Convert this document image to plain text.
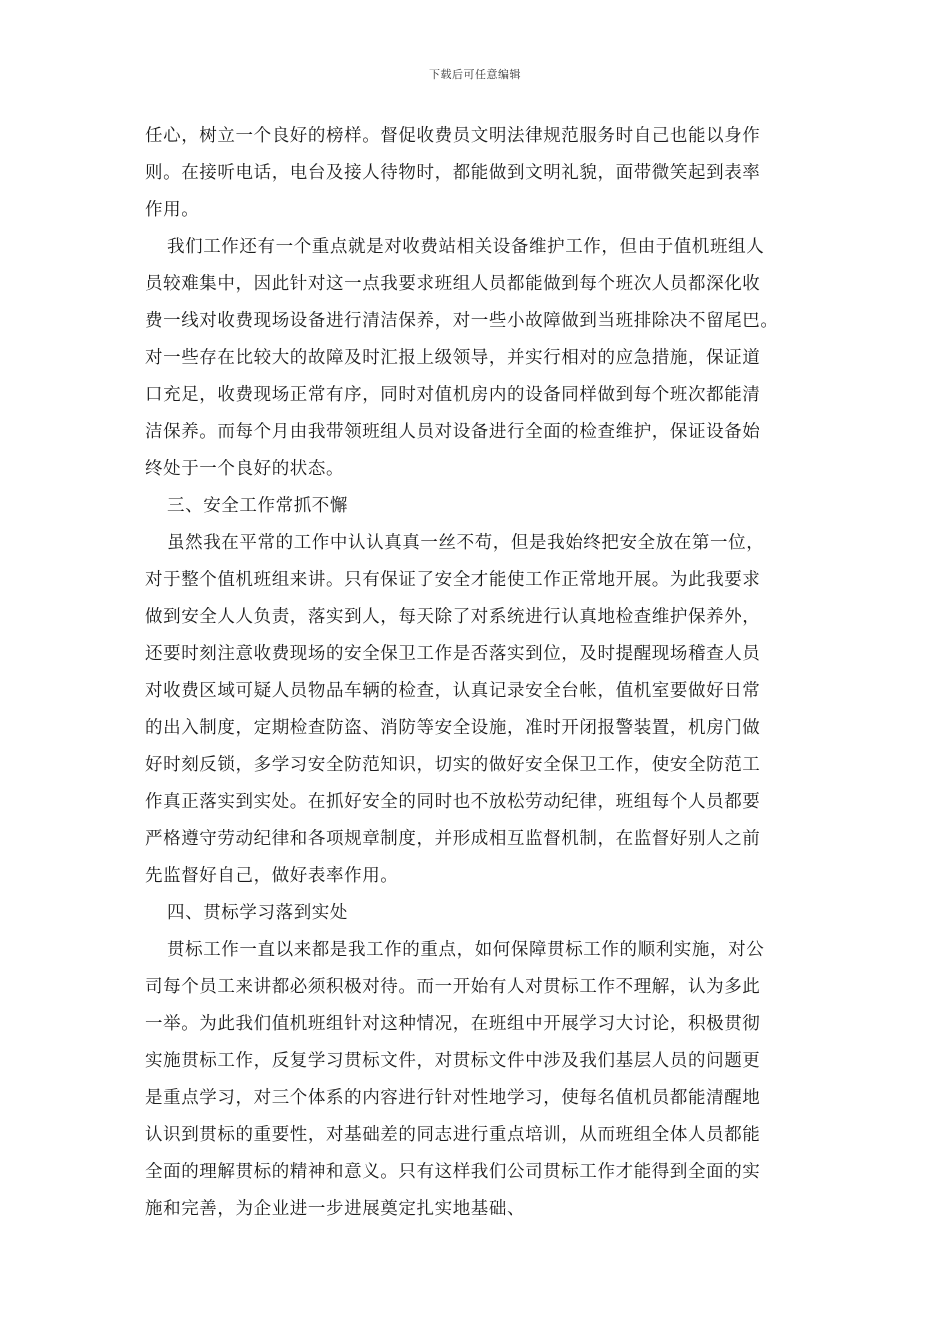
下载后可任意编辑
任心，树立一个良好的榜样。督促收费员文明法律规范服务时自己也能以身作
则。在接听电话，电台及接人待物时，都能做到文明礼貌，面带微笑起到表率
作用。
我们工作还有一个重点就是对收费站相关设备维护工作，但由于值机班组人
员较难集中，因此针对这一点我要求班组人员都能做到每个班次人员都深化收
费一线对收费现场设备进行清洁保养，对一些小故障做到当班排除决不留尾巴。
对一些存在比较大的故障及时汇报上级领导，并实行相对的应急措施，保证道
口充足，收费现场正常有序，同时对值机房内的设备同样做到每个班次都能清
洁保养。而每个月由我带领班组人员对设备进行全面的检查维护，保证设备始
终处于一个良好的状态。
三、安全工作常抓不懈
虽然我在平常的工作中认认真真一丝不苟，但是我始终把安全放在第一位，
对于整个值机班组来讲。只有保证了安全才能使工作正常地开展。为此我要求
做到安全人人负责，落实到人，每天除了对系统进行认真地检查维护保养外，
还要时刻注意收费现场的安全保卫工作是否落实到位，及时提醒现场稽查人员
对收费区域可疑人员物品车辆的检查，认真记录安全台帐，值机室要做好日常
的出入制度，定期检查防盗、消防等安全设施，准时开闭报警装置，机房门做
好时刻反锁，多学习安全防范知识，切实的做好安全保卫工作，使安全防范工
作真正落实到实处。在抓好安全的同时也不放松劳动纪律，班组每个人员都要
严格遵守劳动纪律和各项规章制度，并形成相互监督机制，在监督好别人之前
先监督好自己，做好表率作用。
四、贯标学习落到实处
贯标工作一直以来都是我工作的重点，如何保障贯标工作的顺利实施，对公
司每个员工来讲都必须积极对待。而一开始有人对贯标工作不理解，认为多此
一举。为此我们值机班组针对这种情况，在班组中开展学习大讨论，积极贯彻
实施贯标工作，反复学习贯标文件，对贯标文件中涉及我们基层人员的问题更
是重点学习，对三个体系的内容进行针对性地学习，使每名值机员都能清醒地
认识到贯标的重要性，对基础差的同志进行重点培训，从而班组全体人员都能
全面的理解贯标的精神和意义。只有这样我们公司贯标工作才能得到全面的实
施和完善，为企业进一步进展奠定扎实地基础、
